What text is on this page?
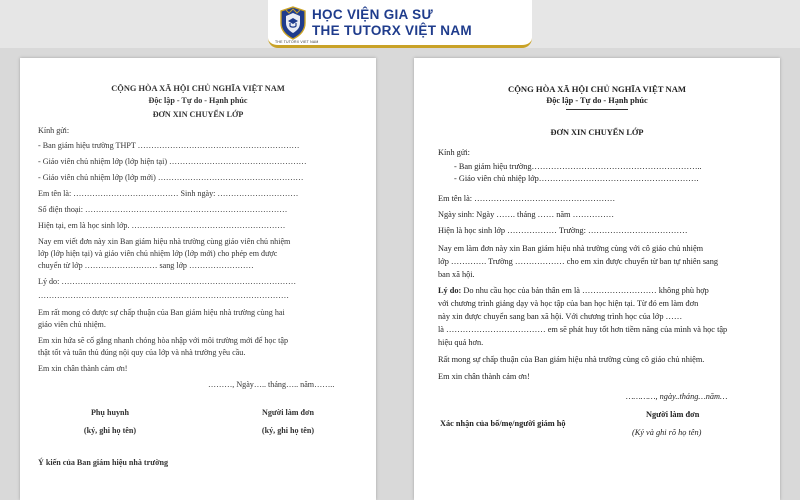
THE TUTORX VIET NAM
HỌC VIỆN GIA SƯ
THE TUTORX VIỆT NAM
CỘNG HÒA XÃ HỘI CHỦ NGHĨA VIỆT NAM
Độc lập - Tự do - Hạnh phúc
ĐƠN XIN CHUYỂN LỚP
Kính gửi:
- Ban giám hiệu trường THPT ……………………………………………………
- Giáo viên chủ nhiệm lớp (lớp hiện tại) ……………………………………………
- Giáo viên chủ nhiệm lớp (lớp mới) ………………………………………………
Em tên là: ………………………………… Sinh ngày: …………………………
Số điện thoại: …………………………………………………………………
Hiện tại, em là học sinh lớp. …………………………………………………
Nay em viết đơn này xin Ban giám hiệu nhà trường cùng giáo viên chủ nhiệm
lớp (lớp hiện tại) và giáo viên chủ nhiệm lớp (lớp mới) cho phép em được
chuyển từ lớp ……………………… sang lớp ……………………
Lý do: ……………………………………………………………………………
…………………………………………………………………………………
Em rất mong có được sự chấp thuận của Ban giám hiệu nhà trường cùng hai
giáo viên chủ nhiệm.
Em xin hứa sẽ cố gắng nhanh chóng hòa nhập với môi trường mới để học tập
thật tốt và tuân thủ đúng nội quy của lớp và nhà trường yêu cầu.
Em xin chân thành cảm ơn!
………, Ngày….. tháng….. năm……..
Phụ huynh
(ký, ghi họ tên)
Người làm đơn
(ký, ghi họ tên)
Ý kiến của Ban giám hiệu nhà trường
CỘNG HÒA XÃ HỘI CHỦ NGHĨA VIỆT NAM
Độc lập - Tự do - Hạnh phúc
ĐƠN XIN CHUYỂN LỚP
Kính gửi:
- Ban giám hiệu trường……………………………………………………..
- Giáo viên chủ nhiệp lớp………………………………………………….
Em tên là: ……………………………………………
Ngày sinh: Ngày ……. tháng …… năm ……………
Hiện là học sinh lớp ……………… Trường: ………………………………
Nay em làm đơn này xin Ban giám hiệu nhà trường cùng với cô giáo chủ nhiệm
lớp …………. Trường ……………… cho em xin được chuyển từ ban tự nhiên sang
ban xã hội.
Lý do: Do nhu cầu học của bản thân em là ……………………… không phù hợp
với chương trình giảng dạy và học tập của ban học hiện tại. Từ đó em làm đơn
này xin được chuyển sang ban xã hội. Với chương trình học của lớp ……
là ……………………………… em sẽ phát huy tốt hơn tiềm năng của mình và học tập
hiệu quả hơn.
Rất mong sự chấp thuận của Ban giám hiệu nhà trường cùng cô giáo chủ nhiệm.
Em xin chân thành cảm ơn!
…………, ngày..tháng…năm…
Người làm đơn
Xác nhận của bố/mẹ/người giám hộ
(Ký và ghi rõ họ tên)
